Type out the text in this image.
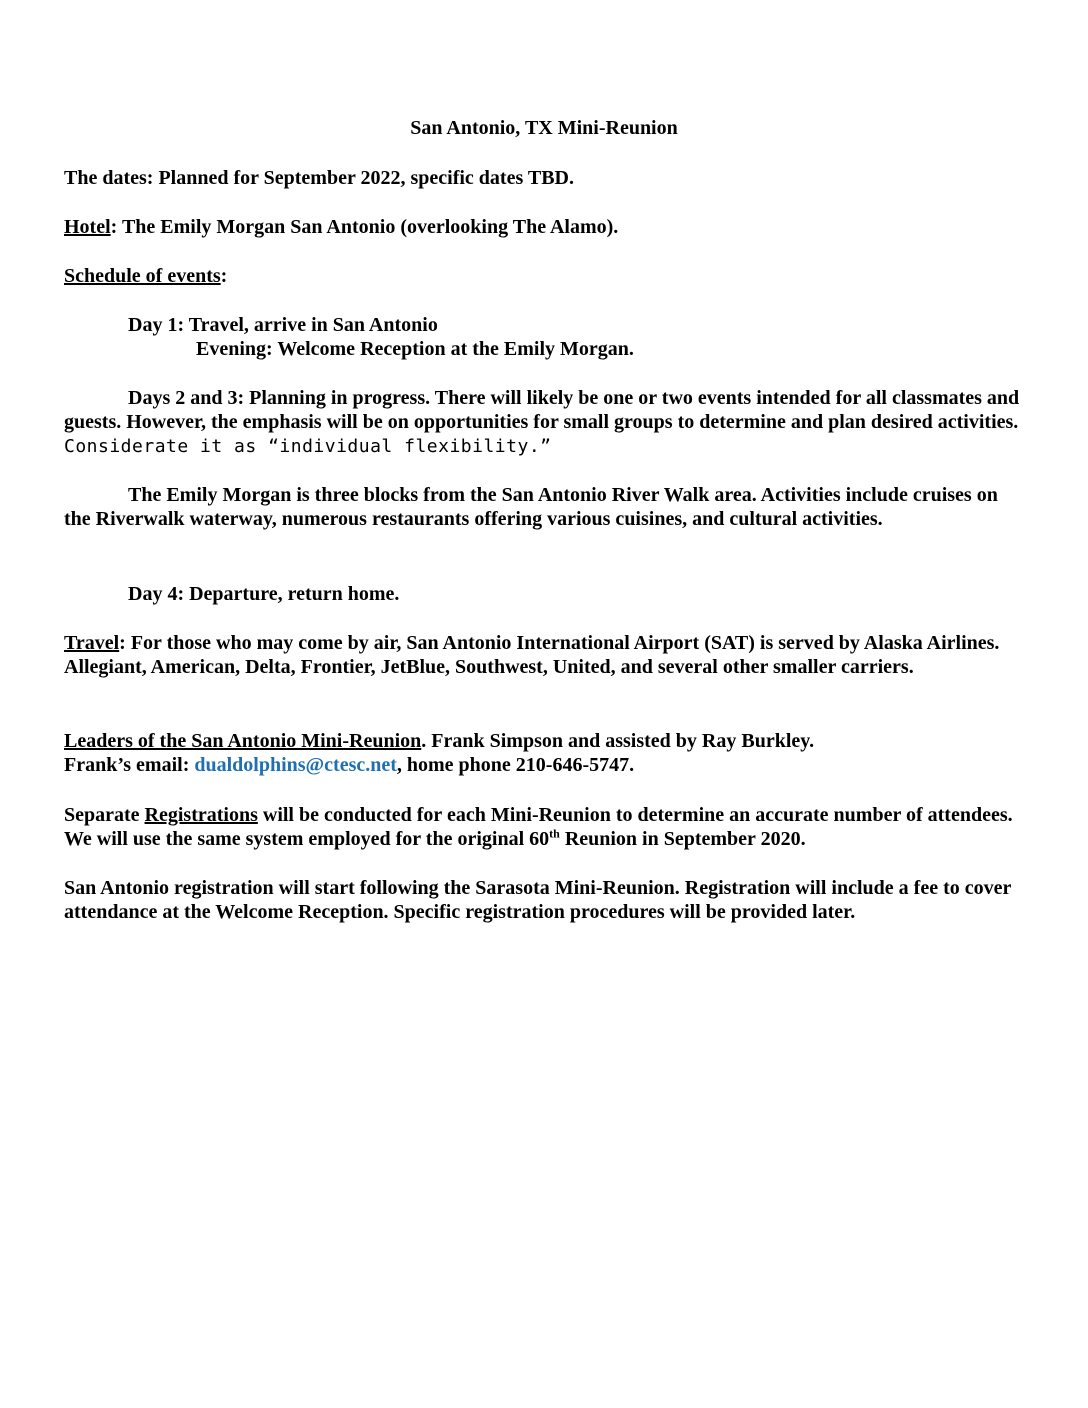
San Antonio, TX Mini-Reunion

The dates: Planned for September 2022, specific dates TBD.

Hotel: The Emily Morgan San Antonio (overlooking The Alamo).

Schedule of events:

Day 1: Travel, arrive in San Antonio

Evening: Welcome Reception at the Emily Morgan.

Days 2 and 3: Planning in progress. There will likely be one or two events intended for all classmates and guests. However, the emphasis will be on opportunities for small groups to determine and plan desired activities. Considerate it as “individual flexibility.”

The Emily Morgan is three blocks from the San Antonio River Walk area. Activities include cruises on the Riverwalk waterway, numerous restaurants offering various cuisines, and cultural activities.

Day 4: Departure, return home.

Travel: For those who may come by air, San Antonio International Airport (SAT) is served by Alaska Airlines. Allegiant, American, Delta, Frontier, JetBlue, Southwest, United, and several other smaller carriers.

Leaders of the San Antonio Mini-Reunion. Frank Simpson and assisted by Ray Burkley.

Frank’s email: dualdolphins@ctesc.net, home phone 210-646-5747.

Separate Registrations will be conducted for each Mini-Reunion to determine an accurate number of attendees. We will use the same system employed for the original 60th Reunion in September 2020.

San Antonio registration will start following the Sarasota Mini-Reunion. Registration will include a fee to cover attendance at the Welcome Reception. Specific registration procedures will be provided later.
